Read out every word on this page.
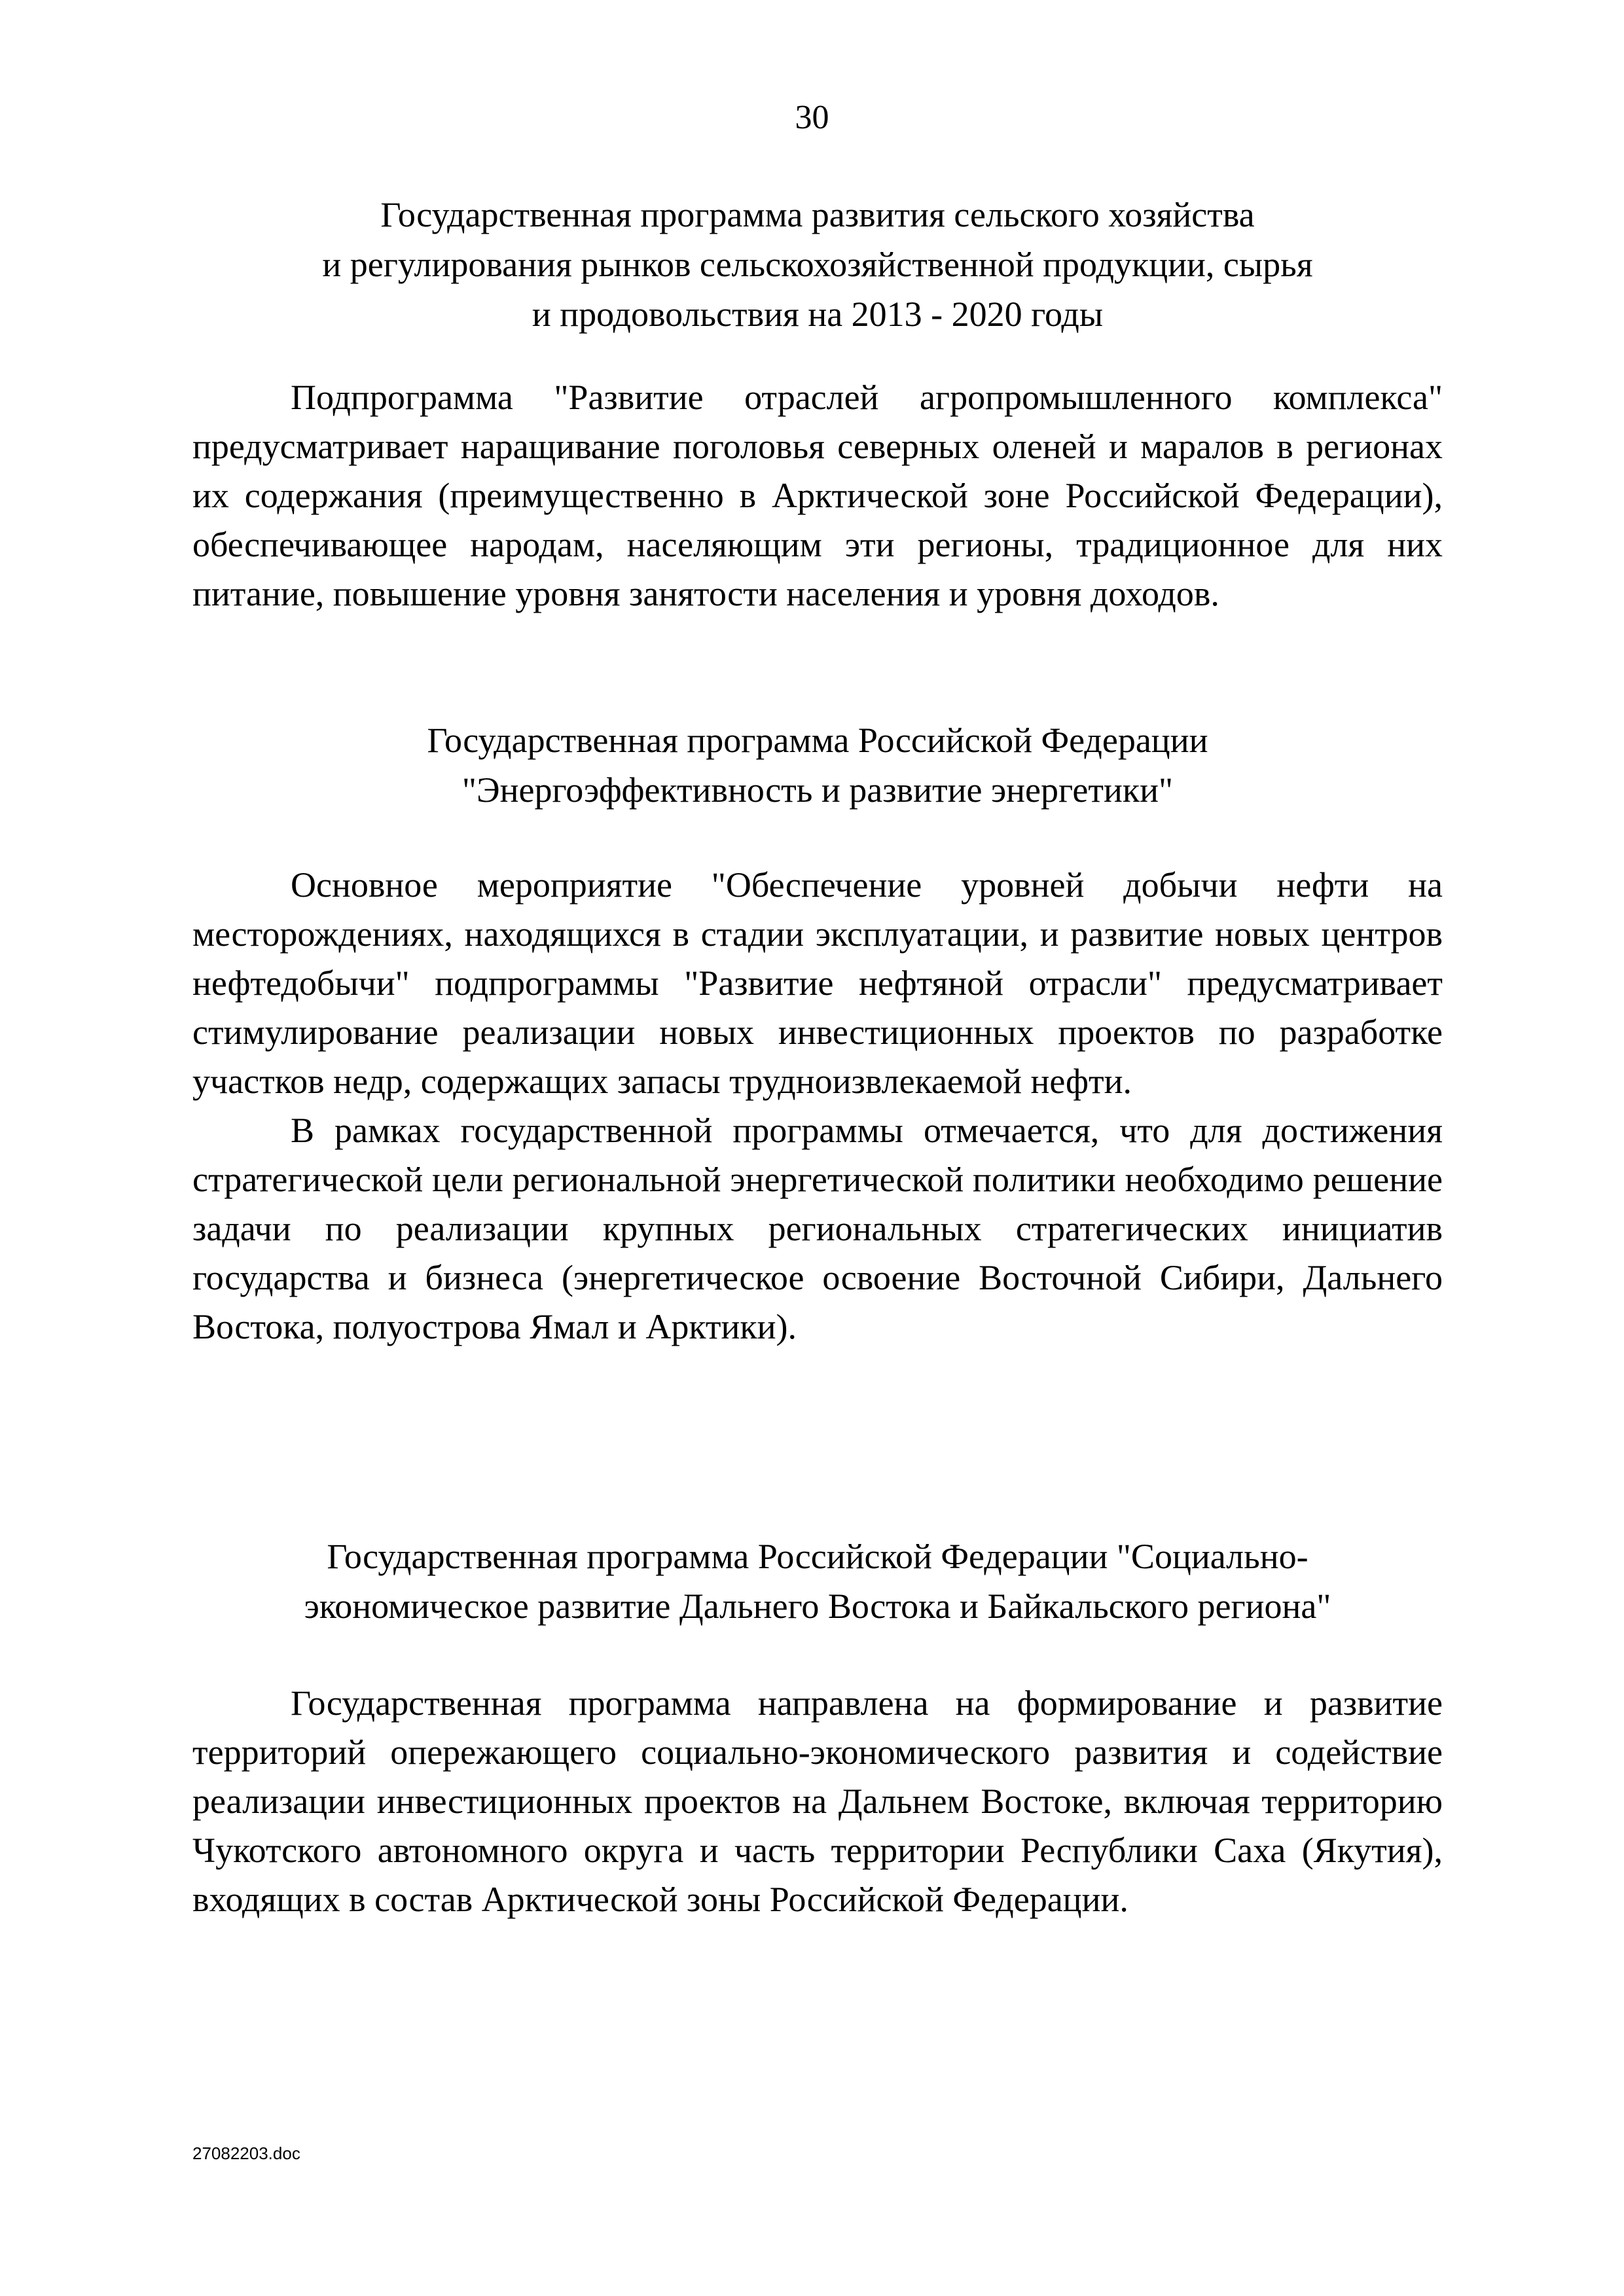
30
Государственная программа развития сельского хозяйства
и регулирования рынков сельскохозяйственной продукции, сырья
и продовольствия на 2013 - 2020 годы

Подпрограмма "Развитие отраслей агропромышленного комплекса" предусматривает наращивание поголовья северных оленей и маралов в регионах их содержания (преимущественно в Арктической зоне Российской Федерации), обеспечивающее народам, населяющим эти регионы, традиционное для них питание, повышение уровня занятости населения и уровня доходов.

Государственная программа Российской Федерации
"Энергоэффективность и развитие энергетики"

Основное мероприятие "Обеспечение уровней добычи нефти на месторождениях, находящихся в стадии эксплуатации, и развитие новых центров нефтедобычи" подпрограммы "Развитие нефтяной отрасли" предусматривает стимулирование реализации новых инвестиционных проектов по разработке участков недр, содержащих запасы трудноизвлекаемой нефти.

В рамках государственной программы отмечается, что для достижения стратегической цели региональной энергетической политики необходимо решение задачи по реализации крупных региональных стратегических инициатив государства и бизнеса (энергетическое освоение Восточной Сибири, Дальнего Востока, полуострова Ямал и Арктики).

Государственная программа Российской Федерации "Социально-
экономическое развитие Дальнего Востока и Байкальского региона"

Государственная программа направлена на формирование и развитие территорий опережающего социально-экономического развития и содействие реализации инвестиционных проектов на Дальнем Востоке, включая территорию Чукотского автономного округа и часть территории Республики Саха (Якутия), входящих в состав Арктической зоны Российской Федерации.

27082203.doc
